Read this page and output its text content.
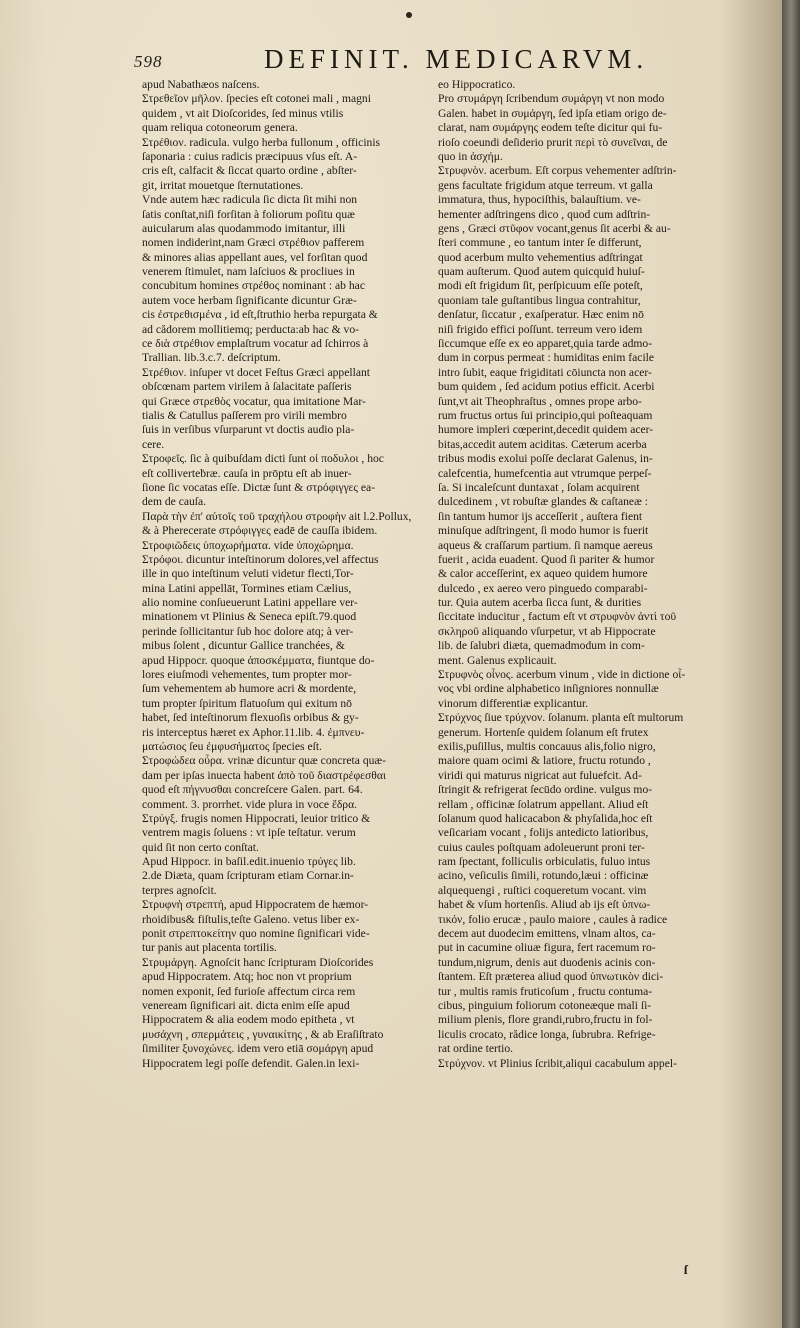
598	DEFINIT. MEDICARVM.
apud Nabathæos naſcens.
Στρεθεῖον μῆλον. ſpecies eſt cotonei mali , magni
quidem , vt ait Dioſcorides, ſed minus vtilis
quam reliqua cotoneorum genera.
Στρέθιον. radicula. vulgo herba fullonum , officinis
ſaponaria : cuius radicis præcipuus vſus eſt. A-
cris eſt, calfacit & ſiccat quarto ordine , abſter-
git, irritat mouetque ſternutationes.
Vnde autem hæc radicula ſic dicta ſit mihi non
ſatis conſtat,niſi forſitan à foliorum poſitu quæ
auicularum alas quodammodo imitantur, illi
nomen indiderint,nam Græci στρέθιον pafferem
& minores alias appellant aues, vel forſitan quod
venerem ſtimulet, nam laſciuos & procliues in
concubitum homines στρέθος nominant : ab hac
autem voce herbam ſignificante dicuntur Græ-
cis ἐστρεθισμένα , id eſt,ſtruthio herba repurgata &
ad cădorem mollitiemq; perducta:ab hac & vo-
ce διὰ στρέθιον emplaſtrum vocatur ad ſchirros à
Trallian. lib.3.c.7. deſcriptum.
Στρέθιον. inſuper vt docet Feſtus Græci appellant
obſcœnam partem virilem à ſalacitate paſſeris
qui Græce στρεθὸς vocatur, qua imitatione Mar-
tialis & Catullus paſſerem pro virili membro
ſuis in verſibus vſurparunt vt doctis audio pla-
cere.
Στροφεῖς. ſic à quibuſdam dicti ſunt οἱ ποδυλοι , hoc
eſt colliverteḃræ. cauſa in prōptu eſt ab inuer-
ſione ſic vocatas eſſe. Dictæ ſunt & στρόφιγγες ea-
dem de cauſa.
Παρὰ τὴν ἐπ' αὐτοῖς τοῦ τραχήλου στροφὴν ait l.2.Pollux,
& à Pherecerate στρόφιγγες eadē de cauſſa ibidem.
Στροφιῶδεις ὑποχωρήματα. vide ὑποχώρημα.
Στρόφοι. dicuntur inteſtinorum dolores,vel affectus
ille in quo inteſtinum veluti videtur flecti,Tor-
mina Latini appellāt, Tormines etiam Cælius,
alio nomine conſueuerunt Latini appellare ver-
minationem vt Plinius & Seneca epiſt.79.quod
perinde ſollicitantur ſub hoc dolore atq; à ver-
mibus ſolent , dicuntur Gallice tranchées, &
apud Hippocr. quoque ἀποσκέμματα, fiuntque do-
lores eiuſmodi vehementes, tum propter mor-
ſum vehementem ab humore acri & mordente,
tum propter ſpiritum flatuoſum qui exitum nō
habet, ſed inteſtinorum flexuoſis orbibus & gy-
ris interceptus hæret ex Aphor.11.lib. 4. ἐμπνευ-
ματώσιος ſeu ἐμφυσήματος ſpecies eſt.
Στροφώδεα οὖρα. vrinæ dicuntur quæ concreta quæ-
dam per ipſas inuecta habent ἀπὸ τοῦ διαστρέφεσθαι
quod eſt πήγνυσθαι concreſcere Galen. part. 64.
comment. 3. prorrhet. vide plura in voce ἕδρα.
Στρύγξ. frugis nomen Hippocrati, leuior tritico &
ventrem magis ſoluens : vt ipſe teſtatur. verum
quid ſit non certo conſtat.
Apud Hippocr. in baſil.edit.inuenio τρύγες lib.
2.de Diæta, quam ſcripturam etiam Cornar.in-
terpres agnoſcit.
Στρυφνὴ στρεπτή, apud Hippocratem de hæmor-
rhoidibus& fiſtulis,teſte Galeno. vetus liber ex-
ponit στρεπτοκείτην quo nomine ſignificari vide-
tur panis aut placenta tortilis.
Στρυμάργη. Agnoſcit hanc ſcripturam Dioſcorides
apud Hippocratem. Atq; hoc non vt proprium
nomen exponit, ſed furioſe affectum circa rem
veneream ſignificari ait. dicta enim eſſe apud
Hippocratem & alia eodem modo epitheta , vt
μυσάχνη , σπερμάτεις , γυναικίτης , & ab Eraſiſtrato
ſimiliter ξυνοχώνες. idem vero etiā σομάργη apud
Hippocratem legi poſſe defendit. Galen.in lexi-
eo Hippocratico.
Pro στυμάργη ſcribendum συμάργη vt non modo
Galen. habet in συμάργη, ſed ipſa etiam origo de-
clarat, nam συμάργης eodem teſte dicitur qui fu-
rioſo coeundi deſiderio prurit περὶ τὸ συνεῖναι, de
quo in ἀσχήμ.
Στρυφνὸν. acerbum. Eſt corpus vehementer adſtrin-
gens facultate frigidum atque terreum. vt galla
immatura, thus, hypociſthis, balauſtium. ve-
hementer adſtringens dico , quod cum adſtrin-
gens , Græci στῦφον vocant,genus ſit acerbi & au-
ſteri commune , eo tantum inter ſe differunt,
quod acerbum multo vehementius adſtringat
quam auſterum. Quod autem quicquid huiuſ-
modi eſt frigidum ſit, perſpicuum eſſe poteſt,
quoniam tale guſtantibus lingua contrahitur,
denſatur, ſiccatur , exaſperatur. Hæc enim nō
niſi frigido effici poſſunt. terreum vero idem
ſiccumque eſſe ex eo apparet,quia tarde admo-
dum in corpus permeat : humiditas enim facile
intro ſubit, eaque frigiditati cōiuncta non acer-
bum quidem , ſed acidum potius efficit. Acerbi
ſunt,vt ait Theophraſtus , omnes prope arbo-
rum fructus ortus ſui principio,qui poſteaquam
humore impleri cœperint,decedit quidem acer-
bitas,accedit autem aciditas. Cæterum acerba
tribus modis exolui poſſe declarat Galenus, in-
calefcentia, humefcentia aut vtrumque perpeſ-
ſa. Si incaleſcunt duntaxat , ſolam acquirent
dulcedinem , vt robuſtæ glandes & caſtaneæ :
ſin tantum humor ijs acceſſerit , auſtera fient
minuſque adſtringent, ſi modo humor is fuerit
aqueus & craſſarum partium. ſi namque aereus
fuerit , acida euadent. Quod ſi pariter & humor
& calor acceſſerint, ex aqueo quidem humore
dulcedo , ex aereo vero pinguedo comparabi-
tur. Quia autem acerba ſicca ſunt, & durities
ſiccitate inducitur , factum eſt vt στρυφνὸν ἀντὶ τοῦ
σκληροῦ aliquando vſurpetur, vt ab Hippocrate
lib. de ſalubri diæta, quemadmodum in com-
ment. Galenus explicauit.
Στρυφνὸς οἶνος. acerbum vinum , vide in dictione οἶ-
νος vbi ordine alphabetico inſigniores nonnullæ
vinorum differentiæ explicantur.
Στρύχνος ſiue τρύχνον. ſolanum. planta eſt multorum
generum. Hortenſe quidem ſolanum eſt frutex
exilis,puſillus, multis concauus alis,folio nigro,
maiore quam ocimi & latiore, fructu rotundo ,
viridi qui maturus nigricat aut fuluefcit. Ad-
ſtringit & refrigerat ſecūdo ordine. vulgus mo-
rellam , officinæ ſolatrum appellant. Aliud eſt
ſolanum quod halicacabon & phyſalida,hoc eſt
veſicariam vocant , folijs antedicto latioribus,
cuius caules poſtquam adoleuerunt proni ter-
ram ſpectant, folliculis orbiculatis, fuluo intus
acino, veſiculis ſimili, rotundo,læui : officinæ
alquequengi , ruſtici coqueretum vocant. vim
habet & vſum hortenſis. Aliud ab ijs eſt ὑπνω-
τικόν, folio erucæ , paulo maiore , caules à radice
decem aut duodecim emittens, vlnam altos, ca-
put in cacumine oliuæ figura, fert racemum ro-
tundum,nigrum, denis aut duodenis acinis con-
ſtantem. Eſt præterea aliud quod ὑπνωτικὸν dici-
tur , multis ramis fruticoſum , fructu contuma-
cibus, pinguium foliorum cotoneæque mali ſi-
milium plenis, flore grandi,rubro,fructu in fol-
liculis crocato, rădice longa, ſubrubra. Refrige-
rat ordine tertio.
Στρύχνον. vt Plinius ſcribit,aliqui cacabulum appel-
ſ
